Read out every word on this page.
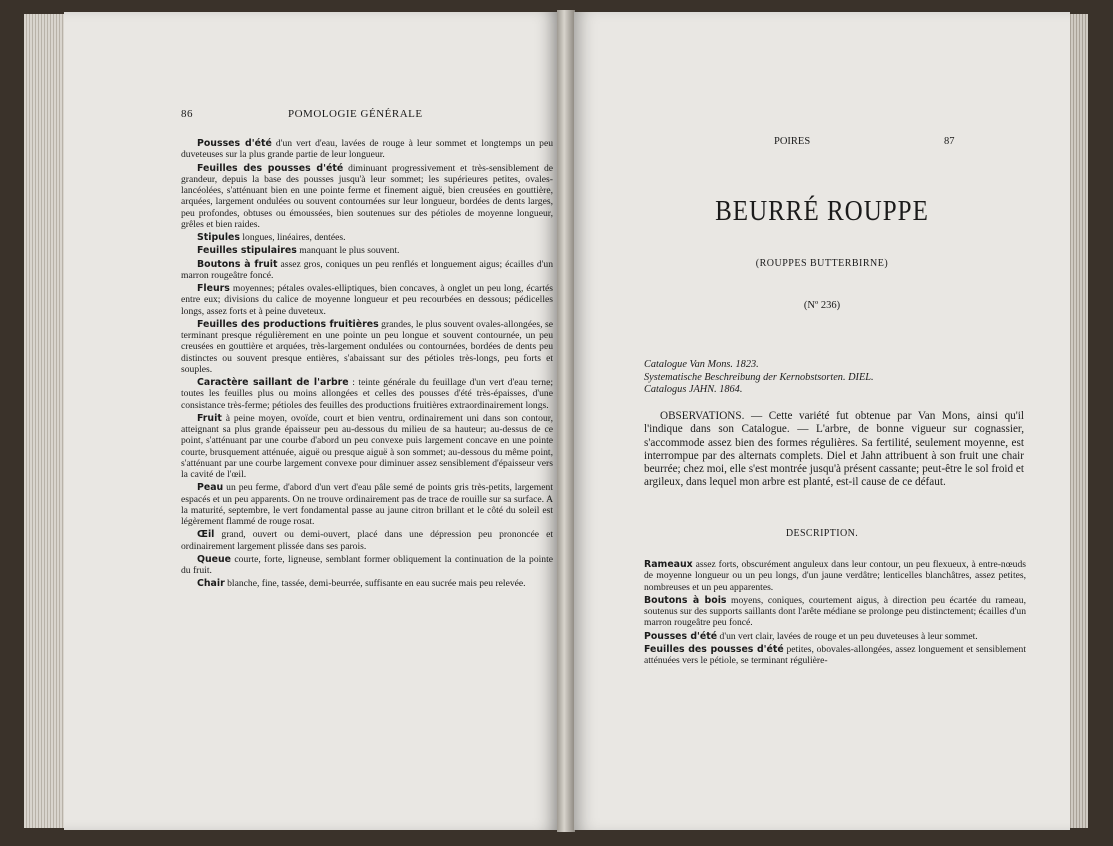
86	POMOLOGIE GÉNÉRALE

Pousses d'été d'un vert d'eau, lavées de rouge à leur sommet et longtemps un peu duveteuses sur la plus grande partie de leur longueur.

Feuilles des pousses d'été diminuant progressivement et très-sensiblement de grandeur, depuis la base des pousses jusqu'à leur sommet; les supérieures petites, ovales-lancéolées, s'atténuant bien en une pointe ferme et finement aiguë, bien creusées en gouttière, arquées, largement ondulées ou souvent contournées sur leur longueur, bordées de dents larges, peu profondes, obtuses ou émoussées, bien soutenues sur des pétioles de moyenne longueur, grêles et bien raides.

Stipules longues, linéaires, dentées.

Feuilles stipulaires manquant le plus souvent.

Boutons à fruit assez gros, coniques un peu renflés et longuement aigus; écailles d'un marron rougeâtre foncé.

Fleurs moyennes; pétales ovales-elliptiques, bien concaves, à onglet un peu long, écartés entre eux; divisions du calice de moyenne longueur et peu recourbées en dessous; pédicelles longs, assez forts et à peine duveteux.

Feuilles des productions fruitières grandes, le plus souvent ovales-allongées, se terminant presque régulièrement en une pointe un peu longue et souvent contournée, un peu creusées en gouttière et arquées, très-largement ondulées ou contournées, bordées de dents peu distinctes ou souvent presque entières, s'abaissant sur des pétioles très-longs, peu forts et souples.

Caractère saillant de l'arbre : teinte générale du feuillage d'un vert d'eau terne; toutes les feuilles plus ou moins allongées et celles des pousses d'été très-épaisses, d'une consistance très-ferme; pétioles des feuilles des productions fruitières extraordinairement longs.

Fruit à peine moyen, ovoïde, court et bien ventru, ordinairement uni dans son contour, atteignant sa plus grande épaisseur peu au-dessous du milieu de sa hauteur; au-dessus de ce point, s'atténuant par une courbe d'abord un peu convexe puis largement concave en une pointe courte, brusquement atténuée, aiguë ou presque aiguë à son sommet; au-dessous du même point, s'atténuant par une courbe largement convexe pour diminuer assez sensiblement d'épaisseur vers la cavité de l'œil.

Peau un peu ferme, d'abord d'un vert d'eau pâle semé de points gris très-petits, largement espacés et un peu apparents. On ne trouve ordinairement pas de trace de rouille sur sa surface. A la maturité, septembre, le vert fondamental passe au jaune citron brillant et le côté du soleil est légèrement flammé de rouge rosat.

Œil grand, ouvert ou demi-ouvert, placé dans une dépression peu prononcée et ordinairement largement plissée dans ses parois.

Queue courte, forte, ligneuse, semblant former obliquement la continuation de la pointe du fruit.

Chair blanche, fine, tassée, demi-beurrée, suffisante en eau sucrée mais peu relevée.

POIRES	87
BEURRÉ ROUPPE
(ROUPPES BUTTERBIRNE)
(Nº 236)
Catalogue Van Mons. 1823.
Systematische Beschreibung der Kernobstsorten. DIEL.
Catalogus JAHN. 1864.
OBSERVATIONS. — Cette variété fut obtenue par Van Mons, ainsi qu'il l'indique dans son Catalogue. — L'arbre, de bonne vigueur sur cognassier, s'accommode assez bien des formes régulières. Sa fertilité, seulement moyenne, est interrompue par des alternats complets. Diel et Jahn attribuent à son fruit une chair beurrée; chez moi, elle s'est montrée jusqu'à présent cassante; peut-être le sol froid et argileux, dans lequel mon arbre est planté, est-il cause de ce défaut.
DESCRIPTION.

Rameaux assez forts, obscurément anguleux dans leur contour, un peu flexueux, à entre-nœuds de moyenne longueur ou un peu longs, d'un jaune verdâtre; lenticelles blanchâtres, assez petites, nombreuses et un peu apparentes.

Boutons à bois moyens, coniques, courtement aigus, à direction peu écartée du rameau, soutenus sur des supports saillants dont l'arête médiane se prolonge peu distinctement; écailles d'un marron rougeâtre peu foncé.

Pousses d'été d'un vert clair, lavées de rouge et un peu duveteuses à leur sommet.

Feuilles des pousses d'été petites, obovales-allongées, assez longuement et sensiblement atténuées vers le pétiole, se terminant régulière-
